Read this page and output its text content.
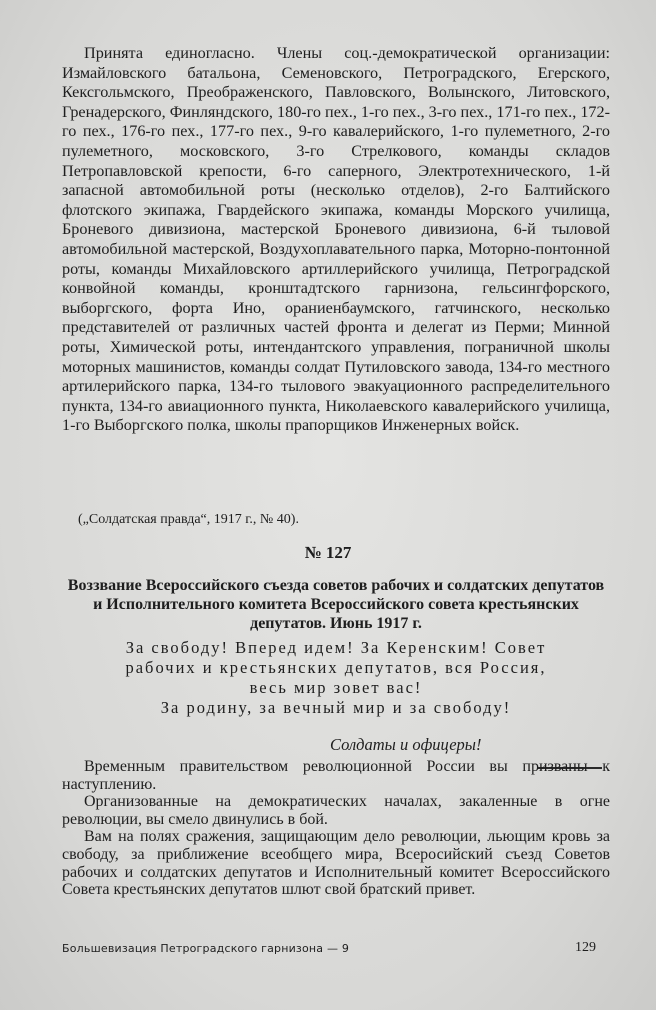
Принята единогласно. Члены соц.-демократической организации: Измайловского батальона, Семеновского, Петроградского, Егерского, Кексгольмского, Преображенского, Павловского, Волынского, Литовского, Гренадерского, Финляндского, 180-го пех., 1-го пех., 3-го пех., 171-го пех., 172-го пех., 176-го пех., 177-го пех., 9-го кавалерийского, 1-го пулеметного, 2-го пулеметного, московского, 3-го Стрелкового, команды складов Петропавловской крепости, 6-го саперного, Электротехнического, 1-й запасной автомобильной роты (несколько отделов), 2-го Балтийского флотского экипажа, Гвардейского экипажа, команды Морского училища, Броневого дивизиона, мастерской Броневого дивизиона, 6-й тыловой автомобильной мастерской, Воздухоплавательного парка, Моторно-понтонной роты, команды Михайловского артиллерийского училища, Петроградской конвойной команды, кронштадтского гарнизона, гельсингфорского, выборгского, форта Ино, ораниенбаумского, гатчинского, несколько представителей от различных частей фронта и делегат из Перми; Минной роты, Химической роты, интендантского управления, пограничной школы моторных машинистов, команды солдат Путиловского завода, 134-го местного артилерийского парка, 134-го тылового эвакуационного распределительного пункта, 134-го авиационного пункта, Николаевского кавалерийского училища, 1-го Выборгского полка, школы прапорщиков Инженерных войск.

(„Солдатская правда“, 1917 г., № 40).

№ 127

Воззвание Всероссийского съезда советов рабочих и солдатских депутатов и Исполнительного комитета Всероссийского совета крестьянских депутатов. Июнь 1917 г.

За свободу! Вперед идем! За Керенским! Совет
рабочих и крестьянских депутатов, вся Россия,
весь мир зовет вас!
За родину, за вечный мир и за свободу!

Солдаты и офицеры!

Временным правительством революционной России вы призваны к наступлению.

Организованные на демократических началах, закаленные в огне революции, вы смело двинулись в бой.

Вам на полях сражения, защищающим дело революции, льющим кровь за свободу, за приближение всеобщего мира, Всеросийский съезд Советов рабочих и солдатских депутатов и Исполнительный комитет Всероссийского Совета крестьянских депутатов шлют свой братский привет.

Большевизация Петроградского гарнизона — 9	129
